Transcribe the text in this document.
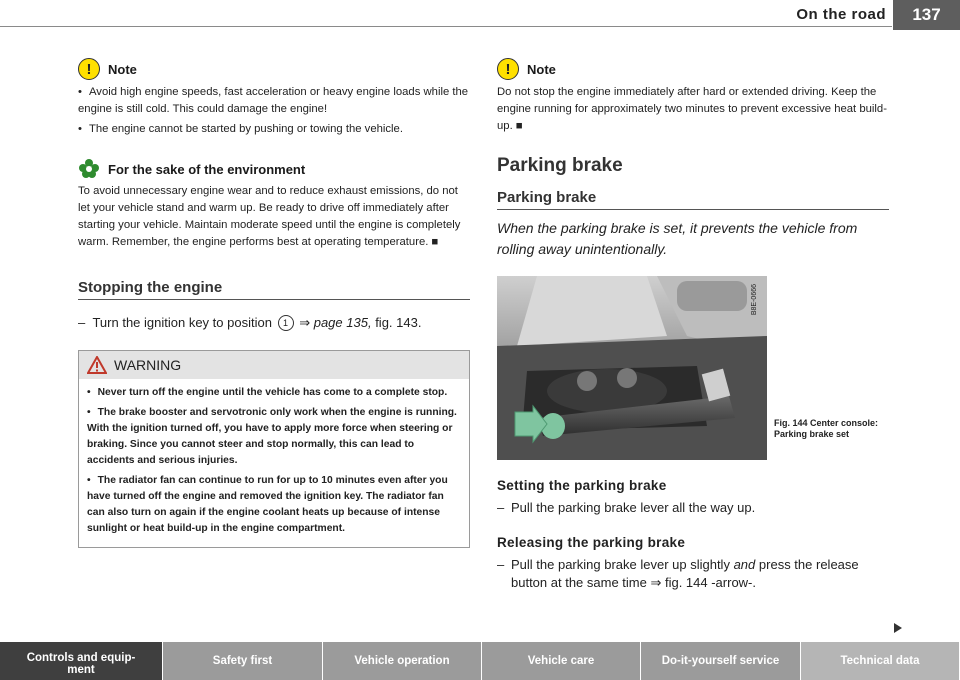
On the road	137
!	Note

• Avoid high engine speeds, fast acceleration or heavy engine loads while the engine is still cold. This could damage the engine!

• The engine cannot be started by pushing or towing the vehicle.

For the sake of the environment

To avoid unnecessary engine wear and to reduce exhaust emissions, do not let your vehicle stand and warm up. Be ready to drive off immediately after starting your vehicle. Maintain moderate speed until the engine is completely warm. Remember, the engine performs best at operating temperature. ■

Stopping the engine

–  Turn the ignition key to position 1 ⇒ page 135, fig. 143.

WARNING

• Never turn off the engine until the vehicle has come to a complete stop.

• The brake booster and servotronic only work when the engine is running. With the ignition turned off, you have to apply more force when steering or braking. Since you cannot steer and stop normally, this can lead to accidents and serious injuries.

• The radiator fan can continue to run for up to 10 minutes even after you have turned off the engine and removed the ignition key. The radiator fan can also turn on again if the engine coolant heats up because of intense sunlight or heat build-up in the engine compartment.

!	Note

Do not stop the engine immediately after hard or extended driving. Keep the engine running for approximately two minutes to prevent excessive heat build-up. ■

Parking brake
Parking brake

When the parking brake is set, it prevents the vehicle from rolling away unintentionally.

B8E-0666
Fig. 144 Center console: Parking brake set
Setting the parking brake

– Pull the parking brake lever all the way up.

Releasing the parking brake

– Pull the parking brake lever up slightly and press the release button at the same time ⇒ fig. 144 -arrow-.

Controls and equip-
ment
Safety first	Vehicle operation	Vehicle care	Do-it-yourself service	Technical data
